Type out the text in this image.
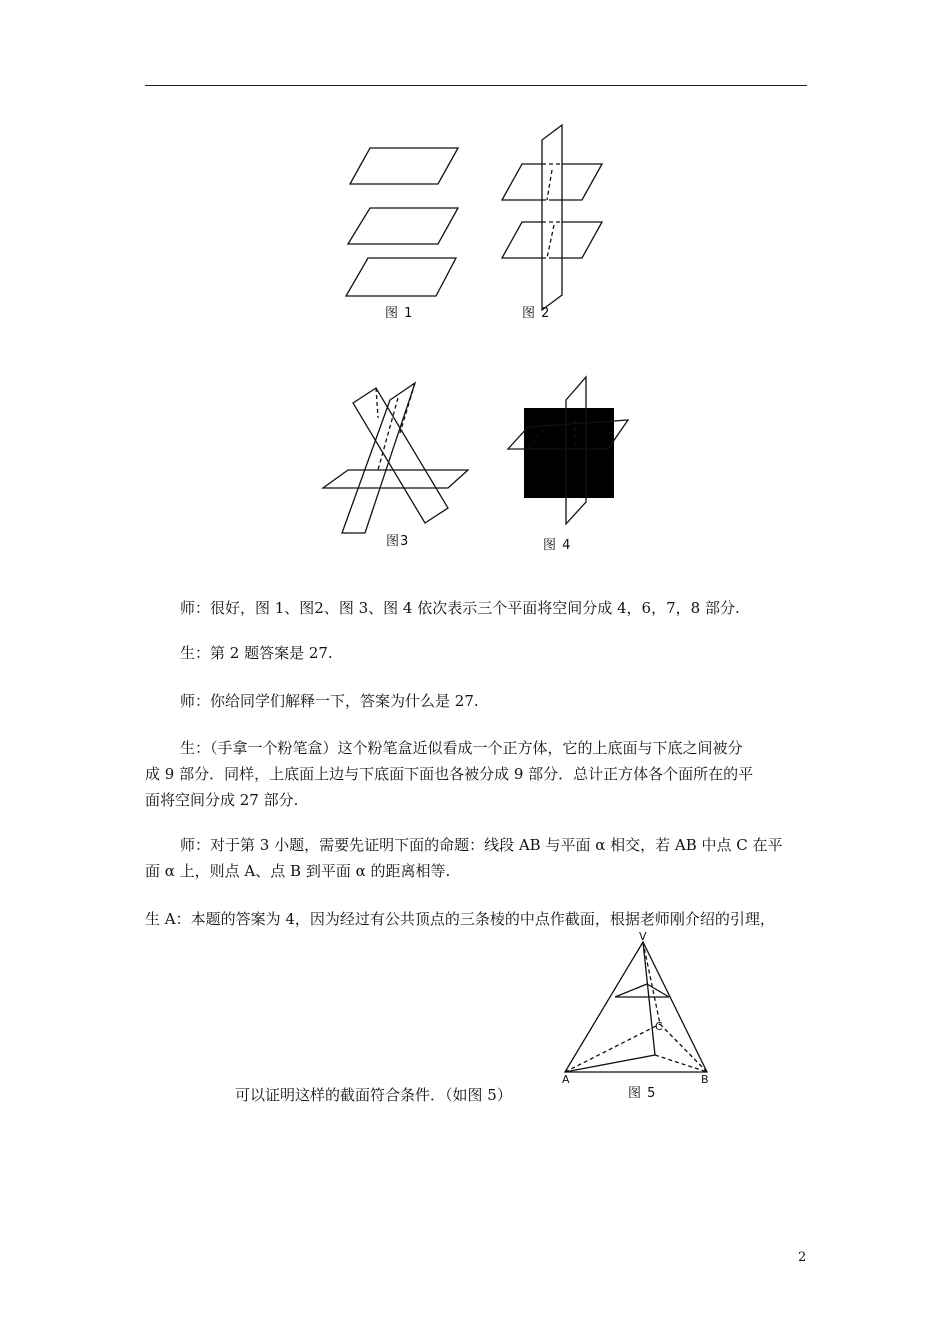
图 1	图 2
图3	图 4
师：很好，图 1、图2、图 3、图 4 依次表示三个平面将空间分成 4，6，7，8 部分.
生：第 2 题答案是 27.
师：你给同学们解释一下，答案为什么是 27.
生：（手拿一个粉笔盒）这个粉笔盒近似看成一个正方体，它的上底面与下底之间被分
成 9 部分．同样，上底面上边与下底面下面也各被分成 9 部分．总计正方体各个面所在的平
面将空间分成 27 部分.
师：对于第 3 小题，需要先证明下面的命题：线段 AB 与平面 α 相交，若 AB 中点 C 在平
面 α 上，则点 A、点 B 到平面 α 的距离相等.
生 A：本题的答案为 4，因为经过有公共顶点的三条棱的中点作截面，根据老师刚介绍的引理，
可以证明这样的截面符合条件．（如图 5）
V
C
A	B
图 5
2
